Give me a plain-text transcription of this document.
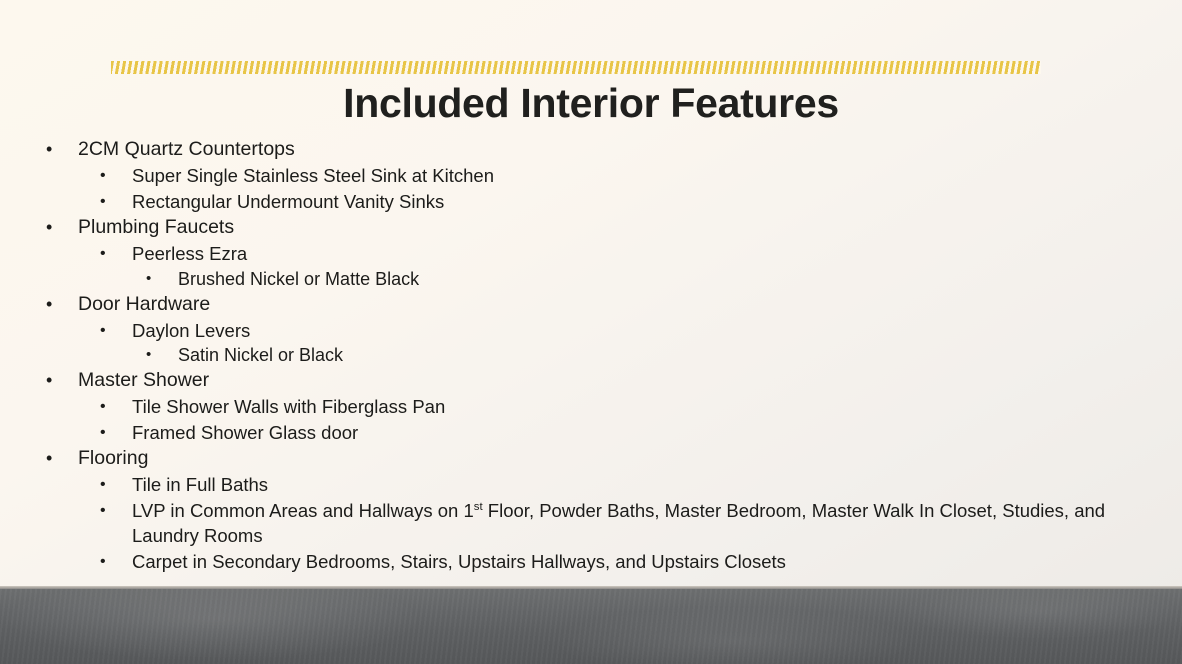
Included Interior Features
•	2CM Quartz Countertops
•	Super Single Stainless Steel Sink at Kitchen
•	Rectangular Undermount Vanity Sinks
•	Plumbing Faucets
•	Peerless Ezra
•	Brushed Nickel or Matte Black
•	Door Hardware
•	Daylon Levers
•	Satin Nickel or Black
•	Master Shower
•	Tile Shower Walls with Fiberglass Pan
•	Framed Shower Glass door
•	Flooring
•	Tile in Full Baths
•	LVP in Common Areas and Hallways on 1st Floor, Powder Baths, Master Bedroom, Master Walk In Closet, Studies, and Laundry Rooms
•	Carpet in Secondary Bedrooms, Stairs, Upstairs Hallways, and Upstairs Closets
